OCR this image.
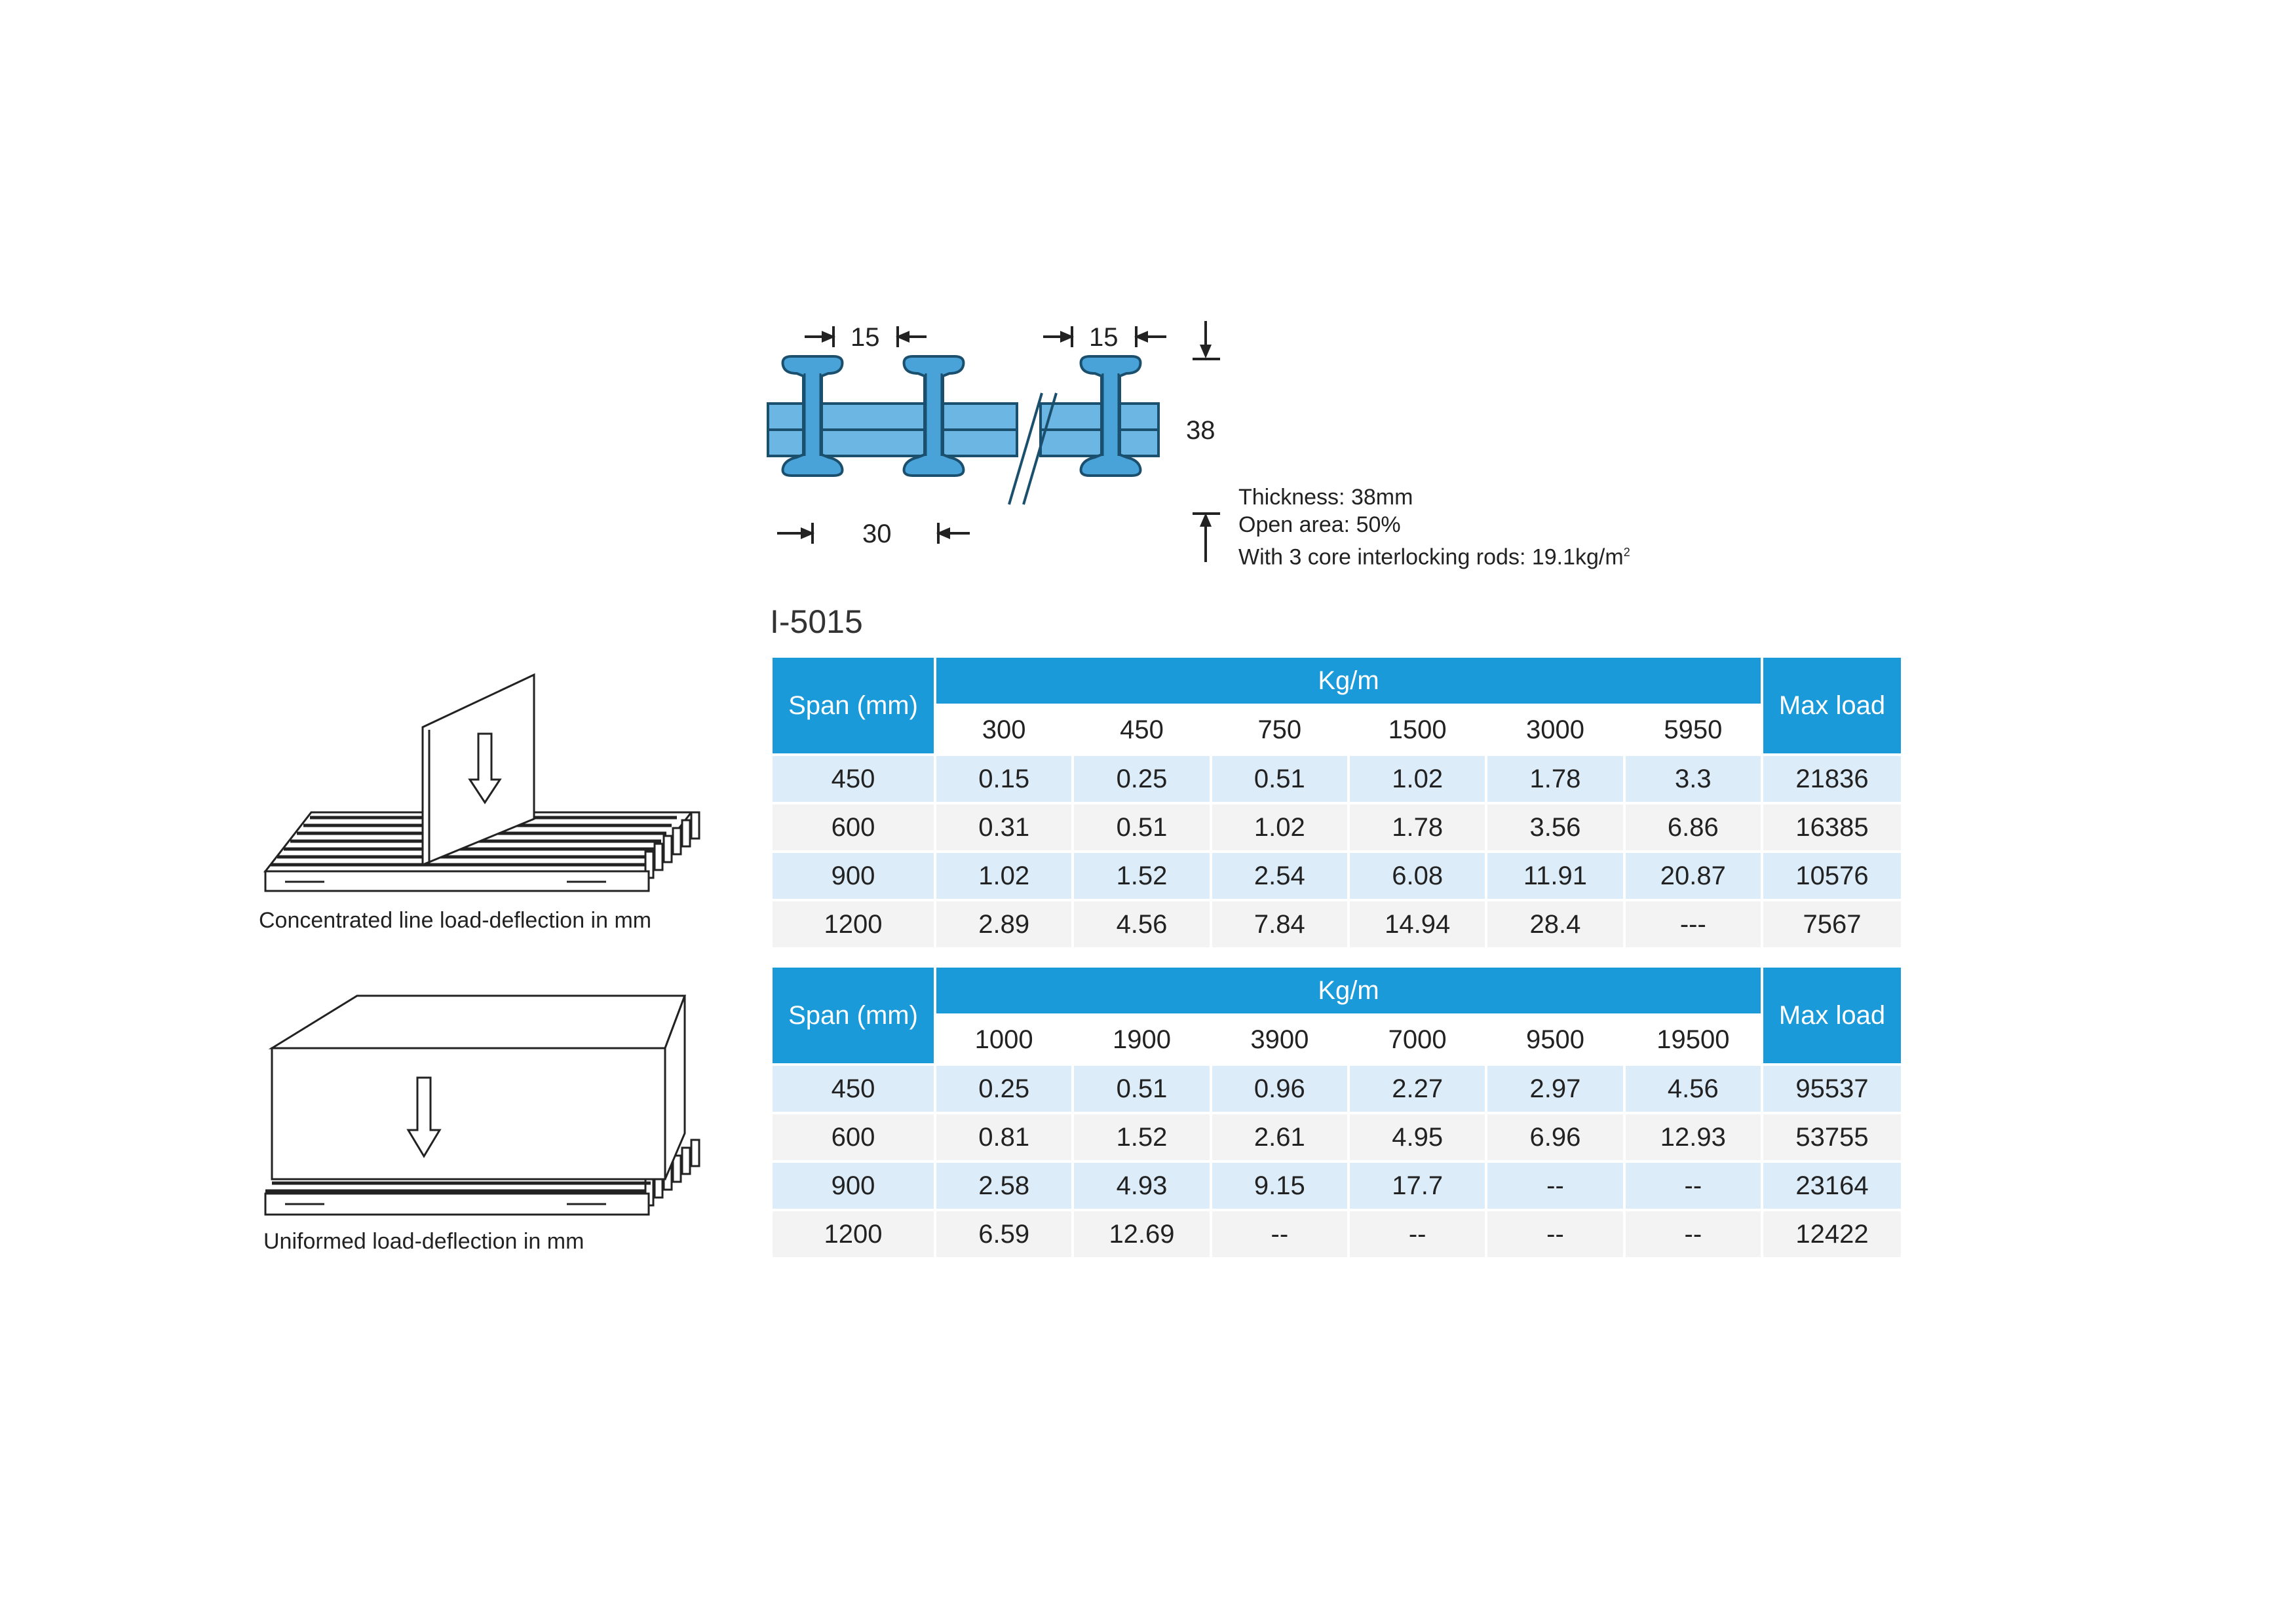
15	15
30
38
Thickness: 38mm
Open area: 50%
With 3 core interlocking rods: $19.1kg/m^2$
I-5015
Span (mm)	Kg/m						Max load
	300	450	750	1500	3000	5950	
450	0.15	0.25	0.51	1.02	1.78	3.3	21836
600	0.31	0.51	1.02	1.78	3.56	6.86	16385
900	1.02	1.52	2.54	6.08	11.91	20.87	10576
1200	2.89	4.56	7.84	14.94	28.4	---	7567
Span (mm)	Kg/m						Max load
	1000	1900	3900	7000	9500	19500	
450	0.25	0.51	0.96	2.27	2.97	4.56	95537
600	0.81	1.52	2.61	4.95	6.96	12.93	53755
900	2.58	4.93	9.15	17.7	--	--	23164
1200	6.59	12.69	--	--	--	--	12422
Concentrated line load-deflection in mm
Uniformed load-deflection in mm
